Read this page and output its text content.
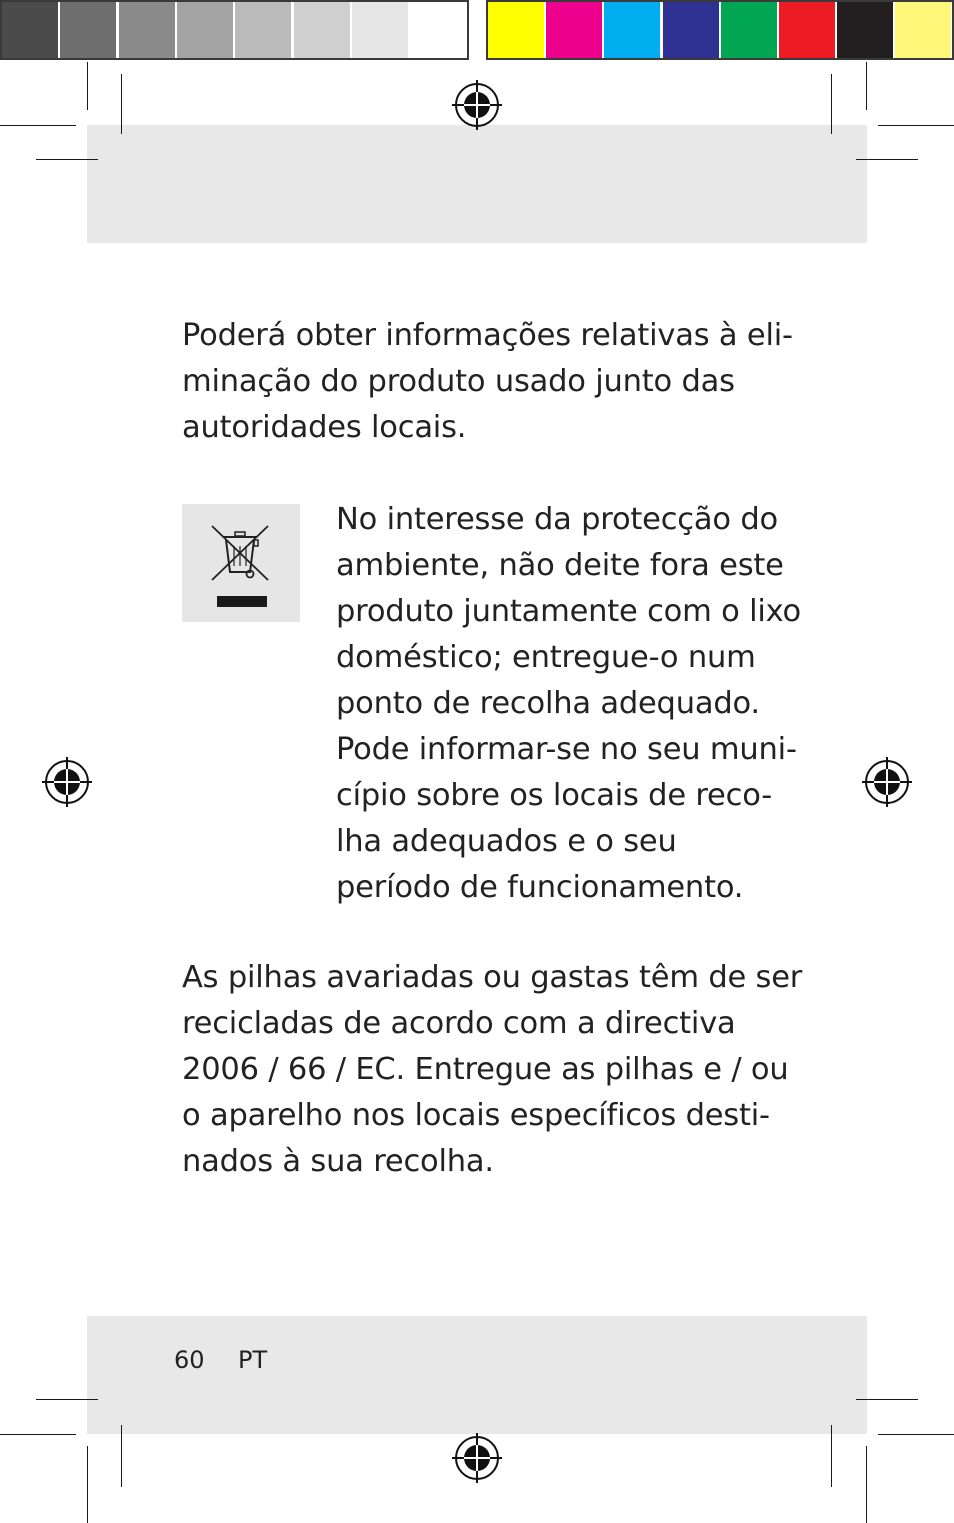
Poderá obter informações relativas à eli-
minação do produto usado junto das
autoridades locais.
No interesse da protecção do
ambiente, não deite fora este
produto juntamente com o lixo
doméstico; entregue-o num
ponto de recolha adequado.
Pode informar-se no seu muni-
cípio sobre os locais de reco-
lha adequados e o seu
período de funcionamento.
As pilhas avariadas ou gastas têm de ser
recicladas de acordo com a directiva
2006 / 66 / EC. Entregue as pilhas e / ou
o aparelho nos locais específicos desti-
nados à sua recolha.
60 PT
